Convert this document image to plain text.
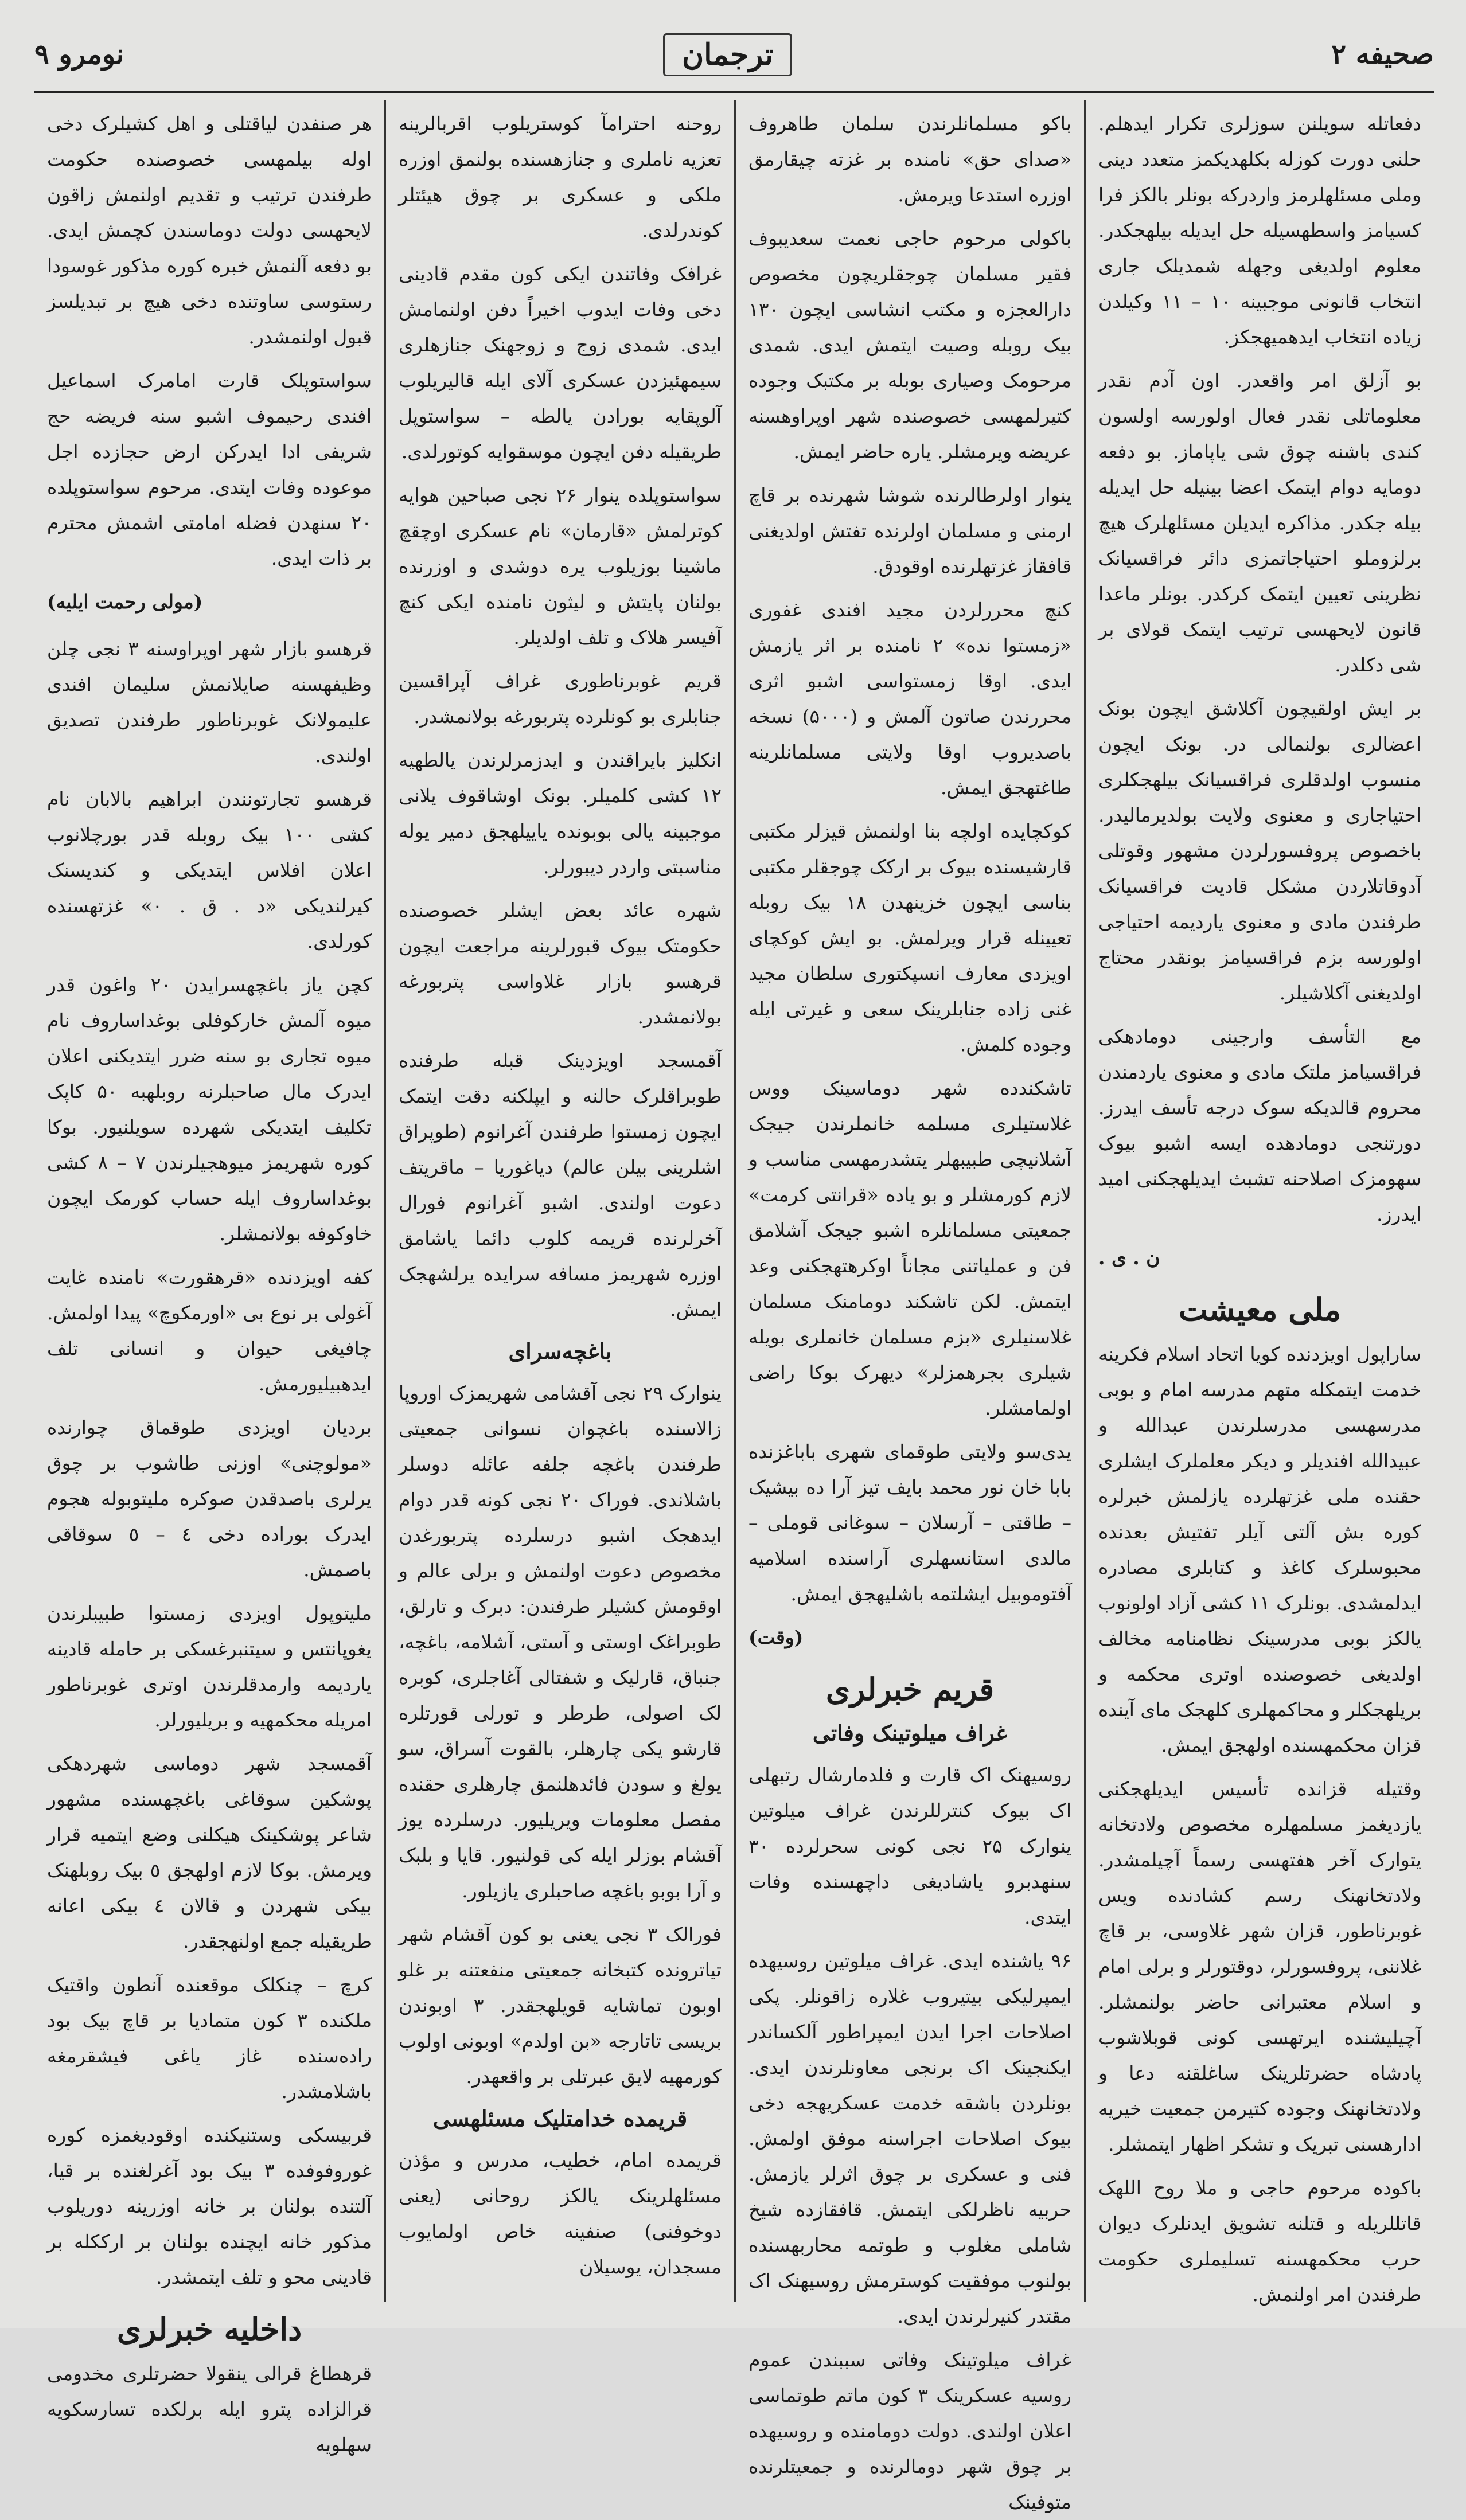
صحیفه ۲
ترجمان
نومرو ۹

دفعاتله سویلنن سوزلری تکرار ایدهلم. حلنی دورت کوزله بکلهدیکمز متعدد دینی وملی مسئلهلرمز واردرکه بونلر بالکز فرا کسیامز واسطهسیله حل ایدیله بیلهجکدر. معلوم اولدیغی وجهله شمدیلک جاری انتخاب قانونی موجبینه ۱۰ – ۱۱ وکیلدن زیاده انتخاب ایدهمیهجکز.

بو آزلق امر واقعدر. اون آدم نقدر معلوماتلی نقدر فعال اولورسه اولسون کندی باشنه چوق شی یاپاماز. بو دفعه دومایه دوام ایتمک اعضا بینیله حل ایدیله بیله جکدر. مذاکره ایدیلن مسئلهلرک هیچ برلزوملو احتیاجاتمزی دائر فراقسیانک نظرینی تعیین ایتمک کرکدر. بونلر ماعدا قانون لایحهسی ترتیب ایتمک قولای بر شی دکلدر.

بر ایش اولقیچون آکلاشق ایچون بونک اعضالری بولنمالی در. بونک ایچون منسوب اولدقلری فراقسیانک بیلهجکلری احتیاجاری و معنوی ولایت بولدیرمالیدر. باخصوص پروفسورلردن مشهور وقوتلی آدوقاتلاردن مشکل قادیت فراقسیانک طرفندن مادی و معنوی یاردیمه احتیاجی اولورسه بزم فراقسیامز بونقدر محتاج اولدیغنی آکلاشیلر.

مع التأسف وارجینی دومادهکی فراقسیامز ملتک مادی و معنوی یاردمندن محروم قالدیکه سوک درجه تأسف ایدرز. دورتنجی دومادهده ایسه اشبو بیوک سهومزک اصلاحنه تشبث ایدیلهجکنی امید ایدرز.

ن . ی .

ملی معیشت

ساراپول اویزدنده کویا اتحاد اسلام فکرینه خدمت ایتمکله متهم مدرسه امام و بوبی مدرسهسی مدرسلرندن عبدالله و عبیدالله افندیلر و دیکر معلملرک ایشلری حقنده ملی غزتهلرده یازلمش خبرلره کوره بش آلتی آیلر تفتیش بعدنده محبوسلرک کاغذ و کتابلری مصادره ایدلمشدی. بونلرک ۱۱ کشی آزاد اولونوب یالکز بوبی مدرسینک نظامنامه مخالف اولدیغی خصوصنده اوتری محکمه و بریلهجکلر و محاکمهلری کلهجک مای آینده قزان محکمهسنده اولهجق ایمش.

وقتیله قزانده تأسیس ایدیلهجکنی یازدیغمز مسلمهلره مخصوص ولادتخانه یتوارک آخر هفتهسی رسماً آچیلمشدر. ولادتخانهنک رسم کشادنده ویس غوبرناطور، قزان شهر غلاوسی، بر قاچ غلاننی، پروفسورلر، دوقتورلر و برلی امام و اسلام معتبرانی حاضر بولنمشلر. آچیلیشنده ایرتهسی کونی قوبلاشوب پادشاه حضرتلرینک ساغلقنه دعا و ولادتخانهنک وجوده کتیرمن جمعیت خیریه ادارهسنی تبریک و تشکر اظهار ایتمشلر.

باکوده مرحوم حاجی و ملا روح اللهک قاتللریله و قتلنه تشویق ایدنلرک دیوان حرب محکمهسنه تسلیملری حکومت طرفندن امر اولنمش.

باکو مسلمانلرندن سلمان طاهروف «صدای حق» نامنده بر غزته چیقارمق اوزره استدعا ویرمش.

باکولی مرحوم حاجی نعمت سعدیبوف فقیر مسلمان چوجقلریچون مخصوص دارالعجزه و مکتب انشاسی ایچون ۱۳۰ بیک روبله وصیت ایتمش ایدی. شمدی مرحومک وصیاری بوبله بر مکتبک وجوده کتیرلمهسی خصوصنده شهر اوپراوهسنه عریضه ویرمشلر. یاره حاضر ایمش.

ینوار اولرطالرنده شوشا شهرنده بر قاچ ارمنی و مسلمان اولرنده تفتش اولدیغنی قافقاز غزتهلرنده اوقودق.

کنچ محررلردن مجید افندی غفوری «زمستوا نده» ۲ نامنده بر اثر یازمش ایدی. اوقا زمستواسی اشبو اثری محررندن صاتون آلمش و (۵۰۰۰) نسخه باصدیروب اوقا ولایتی مسلمانلرینه طاغتهجق ایمش.

کوکچایده اولچه بنا اولنمش قیزلر مکتبی قارشیسنده بیوک بر ارکک چوجقلر مکتبی بناسی ایچون خزینهدن ۱۸ بیک روبله تعیینله قرار ویرلمش. بو ایش کوکچای اویزدی معارف انسپکتوری سلطان مجید غنی زاده جنابلرینک سعی و غیرتی ایله وجوده کلمش.

تاشکندده شهر دوماسینک ووس غلاستیلری مسلمه خانملرندن جیجک آشلانیچی طبیبهلر یتشدرمهسی مناسب و لازم کورمشلر و بو یاده «قرانتی کرمت» جمعیتی مسلمانلره اشبو جیجک آشلامق فن و عملیاتنی مجاناً اوکرهتهجکنی وعد ایتمش. لکن تاشکند دومامنک مسلمان غلاسنیلری «بزم مسلمان خانملری بویله شیلری بجرهمزلر» دیهرک بوکا راضی اولمامشلر.

یدی‌سو ولایتی طوقمای شهری باباغزنده بابا خان نور محمد بایف تیز آرا ده بیشیک – طاقتی – آرسلان – سوغانی قوملی – مالدی استانسهلری آراسنده اسلامیه آفتوموبیل ایشلتمه باشلیهجق ایمش.

(وقت)

قریم خبرلری
غراف میلوتینک وفاتی

روسیهنک اک قارت و فلدمارشال رتبهلی اک بیوک کنترللرندن غراف میلوتین ینوارک ۲۵ نجی کونی سحرلرده ۳۰ سنهدبرو یاشادیغی داچهسنده وفات ایتدی.

۹۶ یاشنده ایدی. غراف میلوتین روسیهده ایمپرلیکی بیتیروب غلاره زاقونلر. پکی اصلاحات اجرا ایدن ایمپراطور آلکساندر ایکنجینک اک برنجی معاونلرندن ایدی. بونلردن باشقه خدمت عسکریهجه دخی بیوک اصلاحات اجراسنه موفق اولمش. فنی و عسکری بر چوق اثرلر یازمش. حربیه ناظرلکی ایتمش. قافقازده شیخ شاملی مغلوب و طوتمه محاربهسنده بولنوب موفقیت کوسترمش روسیهنک اک مقتدر کنیرلرندن ایدی.

غراف میلوتینک وفاتی سببندن عموم روسیه عسکرینک ۳ کون ماتم طوتماسی اعلان اولندی. دولت دومامنده و روسیهده بر چوق شهر دومالرنده و جمعیتلرنده متوفینک

روحنه احترامآ کوستریلوب اقربالرینه تعزیه ناملری و جنازهسنده بولنمق اوزره ملکی و عسکری بر چوق هیئتلر کوندرلدی.

غرافک وفاتندن ایکی کون مقدم قادینی دخی وفات ایدوب اخیراً دفن اولنمامش ایدی. شمدی زوج و زوجهنک جنازهلری سیمهئیزدن عسکری آلای ایله قالیریلوب آلوپقایه بورادن یالطه – سواستوپل طریقیله دفن ایچون موسقوایه کوتورلدی.

سواستوپلده ینوار ۲۶ نجی صباحین هوایه کوترلمش «قارمان» نام عسکری اوچقچ ماشینا بوزیلوب یره دوشدی و اوزرنده بولنان پایتش و لیثون نامنده ایکی کنچ آفیسر هلاک و تلف اولدیلر.

قریم غوبرناطوری غراف آپراقسین جنابلری بو کونلرده پتربورغه بولانمشدر.

انکلیز بایراقندن و ایدزمرلرندن یالطهیه ۱۲ کشی کلمیلر. بونک اوشاقوف یلانی موجبینه یالی بوبونده یاییلهجق دمیر یوله مناسبتی واردر دیبورلر.

شهره عائد بعض ایشلر خصوصنده حکومتک بیوک قبورلرینه مراجعت ایچون قرهسو بازار غلاواسی پتربورغه بولانمشدر.

آقمسجد اویزدینک قبله طرفنده طوبراقلرک حالنه و ایپلکنه دقت ایتمک ایچون زمستوا طرفندن آغرانوم (طوپراق اشلرینی بیلن عالم) دیاغوریا – ماقریتف دعوت اولندی. اشبو آغرانوم فورال آخرلرنده قریمه کلوب دائما یاشامق اوزره شهریمز مسافه سرایده یرلشهجک ایمش.

باغچه‌سرای

ینوارک ۲۹ نجی آقشامی شهریمزک اوروپا زالاسنده باغچوان نسوانی جمعیتی طرفندن باغچه جلفه عائله دوسلر باشلاندی. فوراک ۲۰ نجی کونه قدر دوام ایدهجک اشبو درسلرده پتربورغدن مخصوص دعوت اولنمش و برلی عالم و اوقومش کشیلر طرفندن: دبرک و تارلق، طوبراغک اوستی و آستی، آشلامه، باغچه، جنباق، قارلیک و شفتالی آغاجلری، کوبره لک اصولی، طرطر و تورلی قورتلره قارشو یکی چارهلر، بالقوت آسراق، سو یولغ و سودن فائدهلنمق چارهلری حقنده مفصل معلومات ویریلیور. درسلرده یوز آقشام بوزلر ایله کی قولنیور. قایا و بلبک و آرا بوبو باغچه صاحبلری یازیلور.

فورالک ۳ نجی یعنی بو کون آقشام شهر تیاترونده کتبخانه جمعیتی منفعتنه بر غلو اوبون تماشایه قویلهجقدر. ۳ اوبوندن بریسی تاتارجه «بن اولدم» اوبونی اولوب کورمهیه لایق عبرتلی بر واقعهدر.

قریمده خدامتلیک مسئلهسی

قریمده امام، خطیب، مدرس و مؤذن مسئلهلرینک یالکز روحانی (یعنی دوخوفنی) صنفینه خاص اولمایوب مسجدان، یوسیلان

هر صنفدن لیاقتلی و اهل کشیلرک دخی اوله بیلمهسی خصوصنده حکومت طرفندن ترتیب و تقدیم اولنمش زاقون لایحهسی دولت دوماسندن کچمش ایدی. بو دفعه آلنمش خبره کوره مذکور غوسودا رستوسی ساوتنده دخی هیچ بر تبدیلسز قبول اولنمشدر.

سواستوپلک قارت امامرک اسماعیل افندی رحیموف اشبو سنه فریضه حج شریفی ادا ایدرکن ارض حجازده اجل موعوده وفات ایتدی. مرحوم سواستوپلده ۲۰ سنهدن فضله امامتی اشمش محترم بر ذات ایدی.

(مولی رحمت ایلیه)

قرهسو بازار شهر اوپراوسنه ۳ نجی چلن وظیفهسنه صایلانمش سلیمان افندی علیمولانک غوبرناطور طرفندن تصدیق اولندی.

قرهسو تجارتونندن ابراهیم بالابان نام کشی ۱۰۰ بیک روبله قدر بورچلانوب اعلان افلاس ایتدیکی و کندیسنک کیرلندیکی «د . ق . ۰» غزتهسنده کورلدی.

کچن یاز باغچهسرایدن ۲۰ واغون قدر میوه آلمش خارکوفلی بوغداساروف نام میوه تجاری بو سنه ضرر ایتدیکنی اعلان ایدرک مال صاحبلرنه روبلهبه ۵۰ کاپک تکلیف ایتدیکی شهرده سویلنیور. بوکا کوره شهریمز میوهجیلرندن ۷ – ۸ کشی بوغداساروف ایله حساب کورمک ایچون خاوکوفه بولانمشلر.

کفه اویزدنده «قرهقورت» نامنده غایت آغولی بر نوع بی «اورمکوچ» پیدا اولمش. چافیغی حیوان و انسانی تلف ایدهبیلیورمش.

بردیان اویزدی طوقماق چوارنده «مولوچنی» اوزنی طاشوب بر چوق یرلری باصدقدن صوکره مليتوبوله هجوم ایدرک بوراده دخی ٤ – ٥ سوقاقی باصمش.

ملیتوپول اویزدی زمستوا طبیبلرندن یغوپانتس و سیتنبرغسکی بر حامله قادینه یاردیمه وارمدقلرندن اوتری غوبرناطور امریله محکمهیه و بریلیورلر.

آقمسجد شهر دوماسی شهردهکی پوشکین سوقاغی باغچهسنده مشهور شاعر پوشکینک هیکلنی وضع ایتمیه قرار ویرمش. بوکا لازم اولهجق ٥ بیک روبلهنک بیکی شهردن و قالان ٤ بیکی اعانه طریقیله جمع اولنهجقدر.

کرچ – چنکلک موقعنده آنطون واقتیک ملکنده ۳ کون متمادیا بر قاچ بیک بود راده‌سنده غاز یاغی فیشقرمغه باشلامشدر.

قربیسکی وستنیکنده اوقودیغمزه کوره غوروفوفده ۳ بیک بود آغرلغنده بر قیا، آلتنده بولنان بر خانه اوزرینه دوریلوب مذکور خانه ایچنده بولنان بر ارککله بر قادینی محو و تلف ایتمشدر.

داخلیه خبرلری

قرهطاغ قرالی ینقولا حضرتلری مخدومی قرالزاده پترو ایله برلکده تسارسکویه سهلویه
